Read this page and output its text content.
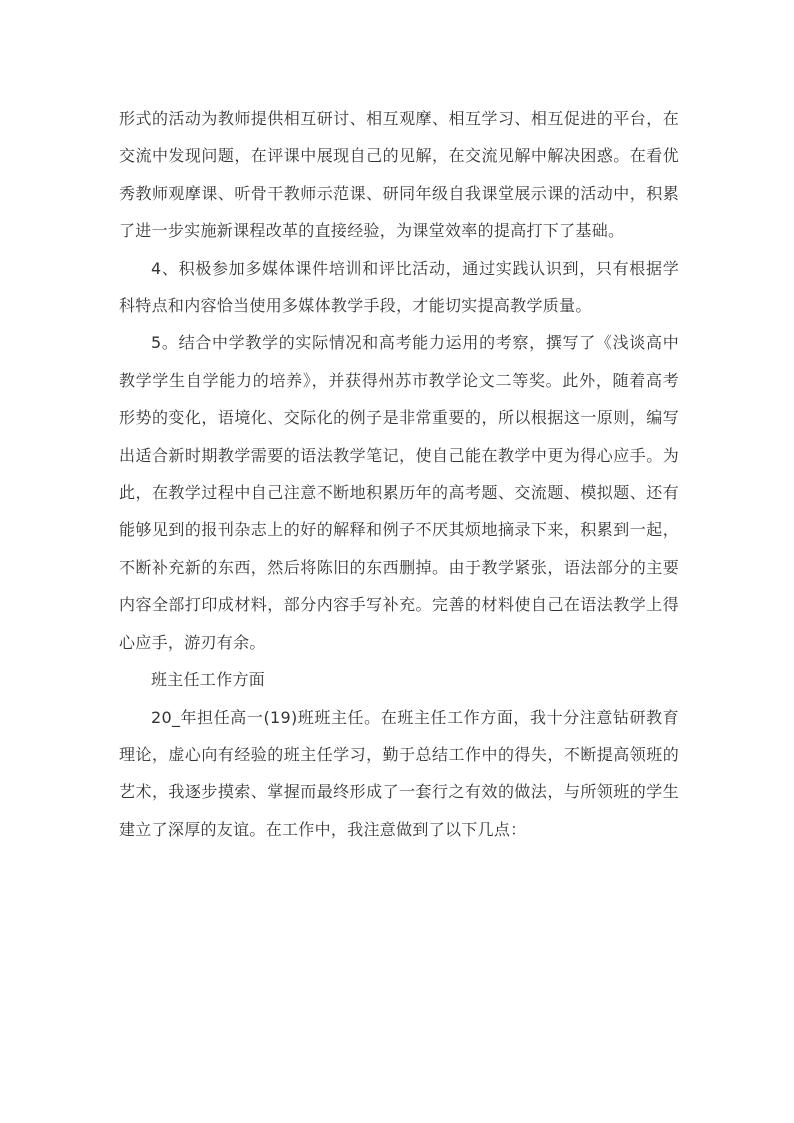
形式的活动为教师提供相互研讨、相互观摩、相互学习、相互促进的平台，在交流中发现问题，在评课中展现自己的见解，在交流见解中解决困惑。在看优秀教师观摩课、听骨干教师示范课、研同年级自我课堂展示课的活动中，积累了进一步实施新课程改革的直接经验，为课堂效率的提高打下了基础。

4、积极参加多媒体课件培训和评比活动，通过实践认识到，只有根据学科特点和内容恰当使用多媒体教学手段，才能切实提高教学质量。

5。结合中学教学的实际情况和高考能力运用的考察，撰写了《浅谈高中教学学生自学能力的培养》，并获得州苏市教学论文二等奖。此外，随着高考形势的变化，语境化、交际化的例子是非常重要的，所以根据这一原则，编写出适合新时期教学需要的语法教学笔记，使自己能在教学中更为得心应手。为此，在教学过程中自己注意不断地积累历年的高考题、交流题、模拟题、还有能够见到的报刊杂志上的好的解释和例子不厌其烦地摘录下来，积累到一起，不断补充新的东西，然后将陈旧的东西删掉。由于教学紧张，语法部分的主要内容全部打印成材料，部分内容手写补充。完善的材料使自己在语法教学上得心应手，游刃有余。

班主任工作方面

20_年担任高一(19)班班主任。在班主任工作方面，我十分注意钻研教育理论，虚心向有经验的班主任学习，勤于总结工作中的得失，不断提高领班的艺术，我逐步摸索、掌握而最终形成了一套行之有效的做法，与所领班的学生建立了深厚的友谊。在工作中，我注意做到了以下几点：
